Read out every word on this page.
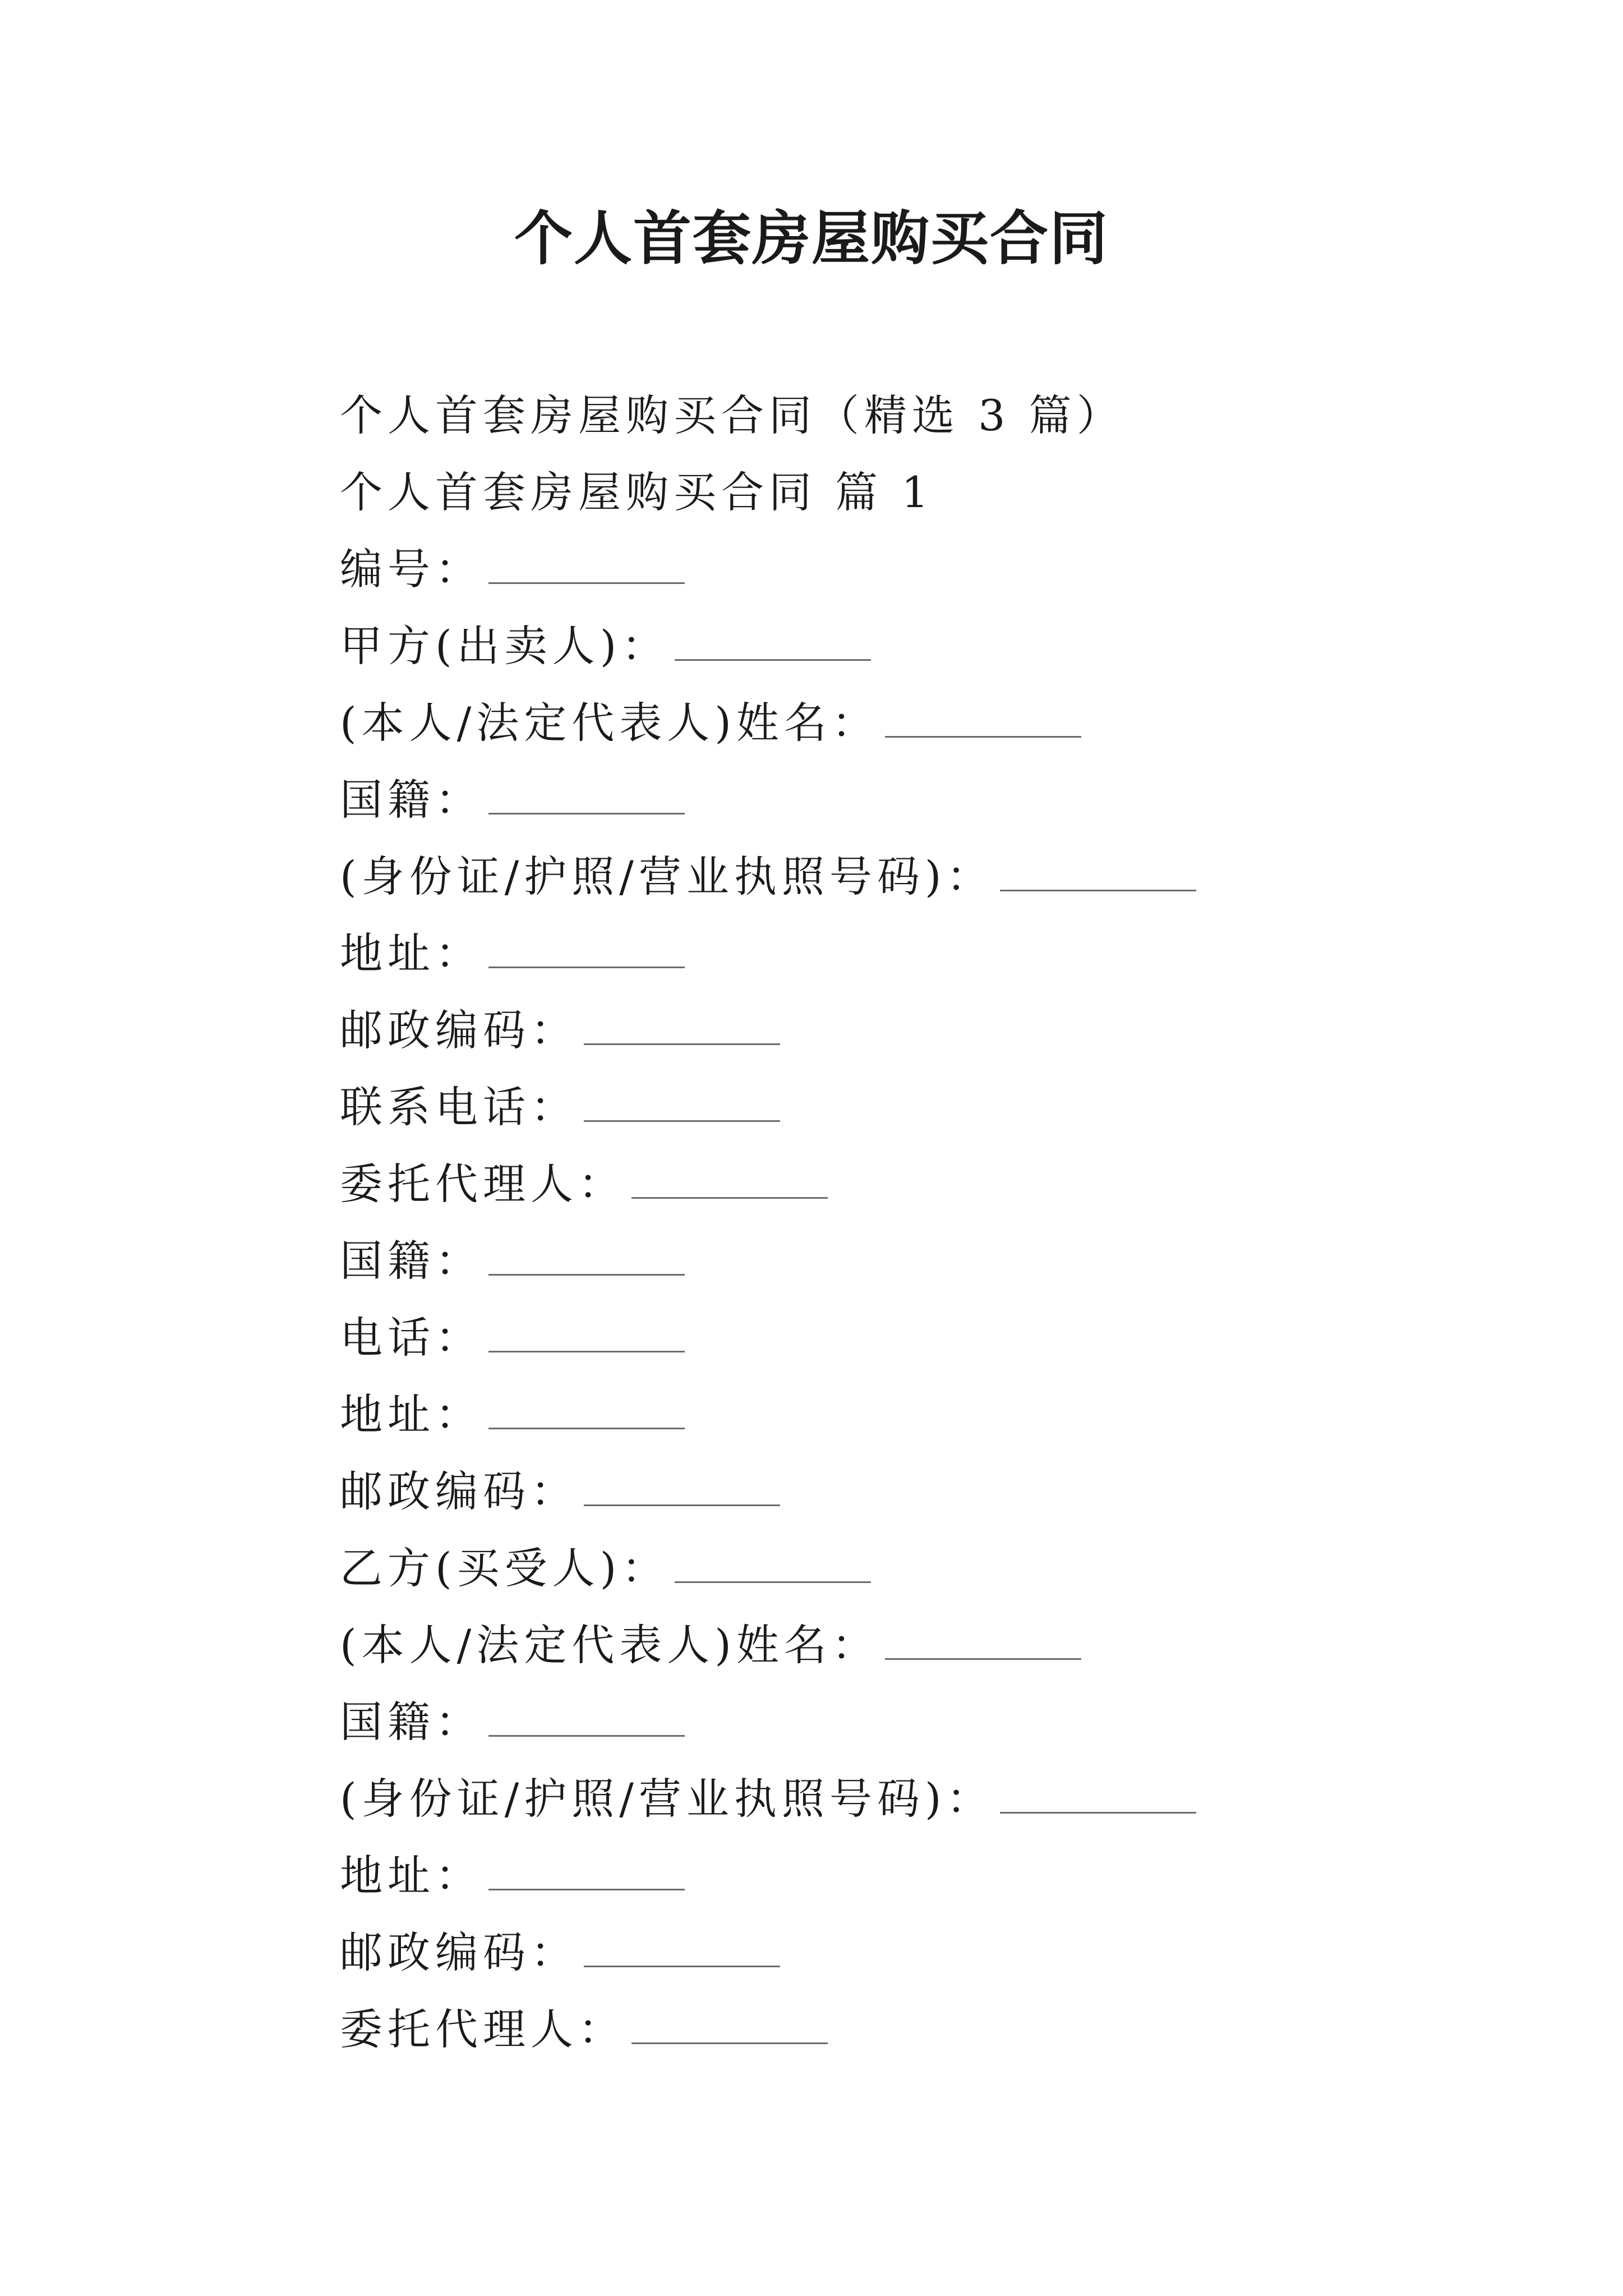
个人首套房屋购买合同
个人首套房屋购买合同（精选 3 篇）
个人首套房屋购买合同 篇 1
编号：
甲方(出卖人)：
(本人/法定代表人)姓名：
国籍：
(身份证/护照/营业执照号码)：
地址：
邮政编码：
联系电话：
委托代理人：
国籍：
电话：
地址：
邮政编码：
乙方(买受人)：
(本人/法定代表人)姓名：
国籍：
(身份证/护照/营业执照号码)：
地址：
邮政编码：
委托代理人：
